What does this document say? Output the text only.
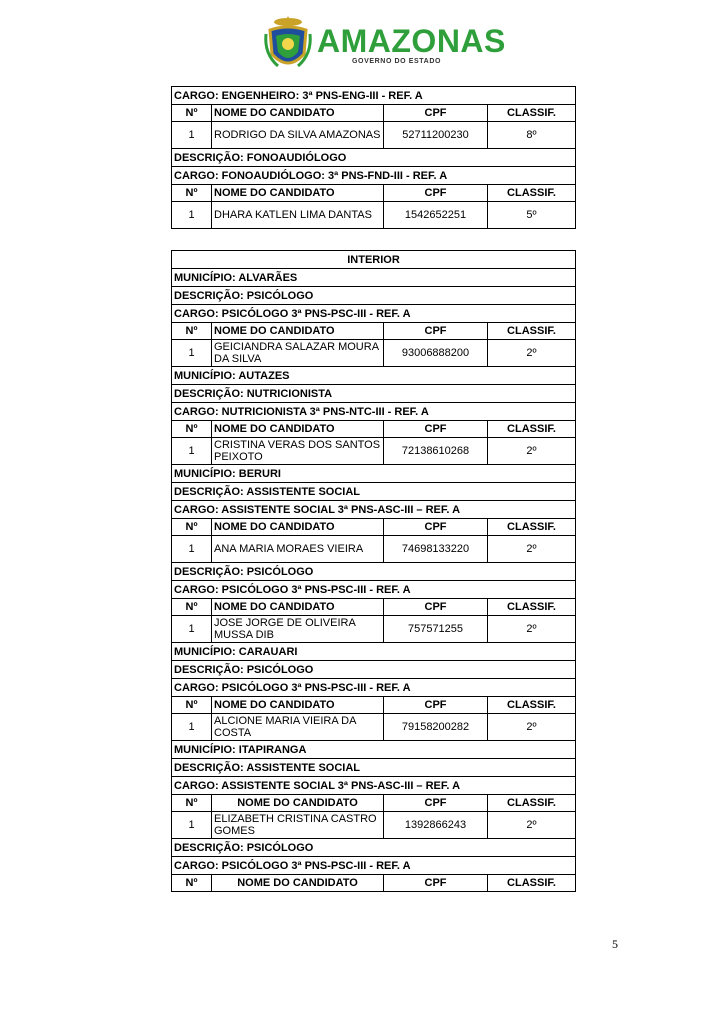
AMAZONAS
GOVERNO DO ESTADO
CARGO: ENGENHEIRO: 3ª PNS-ENG-III - REF. A			
Nº	NOME DO CANDIDATO	CPF	CLASSIF.
1	RODRIGO DA SILVA AMAZONAS	52711200230	8º
DESCRIÇÃO: FONOAUDIÓLOGO			
CARGO: FONOAUDIÓLOGO: 3ª PNS-FND-III - REF. A			
Nº	NOME DO CANDIDATO	CPF	CLASSIF.
1	DHARA KATLEN LIMA DANTAS	1542652251	5º
INTERIOR			
MUNICÍPIO: ALVARÃES			
DESCRIÇÃO: PSICÓLOGO			
CARGO: PSICÓLOGO 3ª PNS-PSC-III - REF. A			
Nº	NOME DO CANDIDATO	CPF	CLASSIF.
1	GEICIANDRA SALAZAR MOURA DA SILVA	93006888200	2º
MUNICÍPIO: AUTAZES			
DESCRIÇÃO: NUTRICIONISTA			
CARGO: NUTRICIONISTA 3ª PNS-NTC-III - REF. A			
Nº	NOME DO CANDIDATO	CPF	CLASSIF.
1	CRISTINA VERAS DOS SANTOS PEIXOTO	72138610268	2º
MUNICÍPIO: BERURI			
DESCRIÇÃO: ASSISTENTE SOCIAL			
CARGO: ASSISTENTE SOCIAL 3ª PNS-ASC-III – REF. A			
Nº	NOME DO CANDIDATO	CPF	CLASSIF.
1	ANA MARIA MORAES VIEIRA	74698133220	2º
DESCRIÇÃO: PSICÓLOGO			
CARGO: PSICÓLOGO 3ª PNS-PSC-III - REF. A			
Nº	NOME DO CANDIDATO	CPF	CLASSIF.
1	JOSE JORGE DE OLIVEIRA MUSSA DIB	757571255	2º
MUNICÍPIO: CARAUARI			
DESCRIÇÃO: PSICÓLOGO			
CARGO: PSICÓLOGO 3ª PNS-PSC-III - REF. A			
Nº	NOME DO CANDIDATO	CPF	CLASSIF.
1	ALCIONE MARIA VIEIRA DA COSTA	79158200282	2º
MUNICÍPIO: ITAPIRANGA			
DESCRIÇÃO: ASSISTENTE SOCIAL			
CARGO: ASSISTENTE SOCIAL 3ª PNS-ASC-III – REF. A			
Nº	NOME DO CANDIDATO	CPF	CLASSIF.
1	ELIZABETH CRISTINA CASTRO GOMES	1392866243	2º
DESCRIÇÃO: PSICÓLOGO			
CARGO: PSICÓLOGO 3ª PNS-PSC-III - REF. A			
Nº	NOME DO CANDIDATO	CPF	CLASSIF.
5
